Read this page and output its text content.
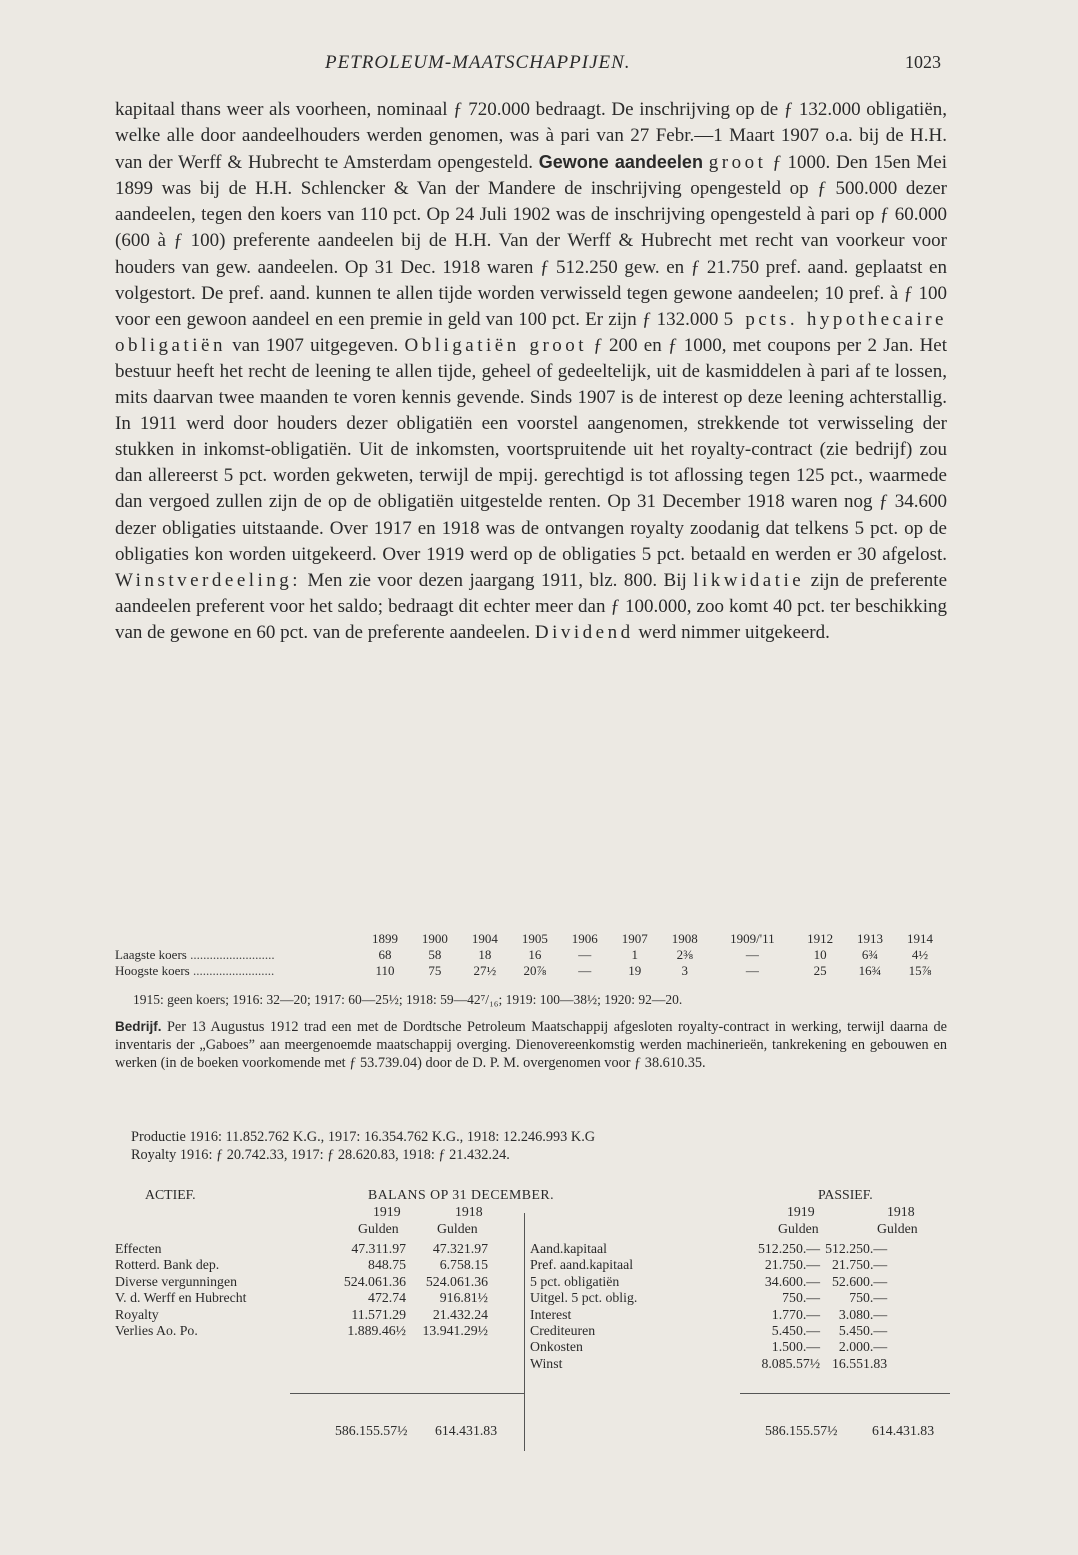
PETROLEUM-MAATSCHAPPIJEN.	1023

kapitaal thans weer als voorheen, nominaal ƒ 720.000 bedraagt. De inschrijving op de ƒ 132.000 obligatiën, welke alle door aandeelhouders werden genomen, was à pari van 27 Febr.—1 Maart 1907 o.a. bij de H.H. van der Werff & Hubrecht te Amsterdam opengesteld. Gewone aandeelen groot ƒ 1000. Den 15en Mei 1899 was bij de H.H. Schlencker & Van der Mandere de inschrijving opengesteld op ƒ 500.000 dezer aandeelen, tegen den koers van 110 pct. Op 24 Juli 1902 was de inschrijving opengesteld à pari op ƒ 60.000 (600 à ƒ 100) preferente aandeelen bij de H.H. Van der Werff & Hubrecht met recht van voorkeur voor houders van gew. aandeelen. Op 31 Dec. 1918 waren ƒ 512.250 gew. en ƒ 21.750 pref. aand. geplaatst en volgestort. De pref. aand. kunnen te allen tijde worden verwisseld tegen gewone aandeelen; 10 pref. à ƒ 100 voor een gewoon aandeel en een premie in geld van 100 pct. Er zijn ƒ 132.000 5 pcts. hypothecaire obligatiën van 1907 uitgegeven. Obligatiën groot ƒ 200 en ƒ 1000, met coupons per 2 Jan. Het bestuur heeft het recht de leening te allen tijde, geheel of gedeeltelijk, uit de kasmiddelen à pari af te lossen, mits daarvan twee maanden te voren kennis gevende. Sinds 1907 is de interest op deze leening achterstallig. In 1911 werd door houders dezer obligatiën een voorstel aangenomen, strekkende tot verwisseling der stukken in inkomst-obligatiën. Uit de inkomsten, voortspruitende uit het royalty-contract (zie bedrijf) zou dan allereerst 5 pct. worden gekweten, terwijl de mpij. gerechtigd is tot aflossing tegen 125 pct., waarmede dan vergoed zullen zijn de op de obligatiën uitgestelde renten. Op 31 December 1918 waren nog ƒ 34.600 dezer obligaties uitstaande. Over 1917 en 1918 was de ontvangen royalty zoodanig dat telkens 5 pct. op de obligaties kon worden uitgekeerd. Over 1919 werd op de obligaties 5 pct. betaald en werden er 30 afgelost. Winstverdeeling: Men zie voor dezen jaargang 1911, blz. 800. Bij likwidatie zijn de preferente aandeelen preferent voor het saldo; bedraagt dit echter meer dan ƒ 100.000, zoo komt 40 pct. ter beschikking van de gewone en 60 pct. van de preferente aandeelen. Dividend werd nimmer uitgekeerd.

	1899	1900	1904	1905	1906	1907	1908	1909/'11	1912	1913	1914
Laagste koers ..........................	68	58	18	16	—	1	2⅜	—	10	6¾	4½
Hoogste koers .........................	110	75	27½	20⅞	—	19	3	—	25	16¾	15⅞
1915: geen koers; 1916: 32—20; 1917: 60—25½; 1918: 59—42⁷/₁₆; 1919: 100—38½; 1920: 92—20.

Bedrijf. Per 13 Augustus 1912 trad een met de Dordtsche Petroleum Maatschappij afgesloten royalty-contract in werking, terwijl daarna de inventaris der „Gaboes” aan meergenoemde maatschappij overging. Dienovereenkomstig werden machinerieën, tankrekening en gebouwen en werken (in de boeken voorkomende met ƒ 53.739.04) door de D. P. M. overgenomen voor ƒ 38.610.35.

Productie 1916: 11.852.762 K.G., 1917: 16.354.762 K.G., 1918: 12.246.993 K.G
Royalty 1916: ƒ 20.742.33, 1917: ƒ 28.620.83, 1918: ƒ 21.432.24.
ACTIEF.	BALANS OP 31 DECEMBER.	PASSIEF.
1919	1918
Gulden	Gulden
1919	1918
Gulden	Gulden
Effecten	47.311.97	47.321.97
Rotterd. Bank dep.	848.75	6.758.15
Diverse vergunningen	524.061.36	524.061.36
V. d. Werff en Hubrecht	472.74	916.81½
Royalty	11.571.29	21.432.24
Verlies Ao. Po.	1.889.46½	13.941.29½
Aand.kapitaal	512.250.—	512.250.—
Pref. aand.kapitaal	21.750.—	21.750.—
5 pct. obligatiën	34.600.—	52.600.—
Uitgel. 5 pct. oblig.	750.—	750.—
Interest	1.770.—	3.080.—
Crediteuren	5.450.—	5.450.—
Onkosten	1.500.—	2.000.—
Winst	8.085.57½	16.551.83
586.155.57½ 614.431.83	586.155.57½	614.431.83
